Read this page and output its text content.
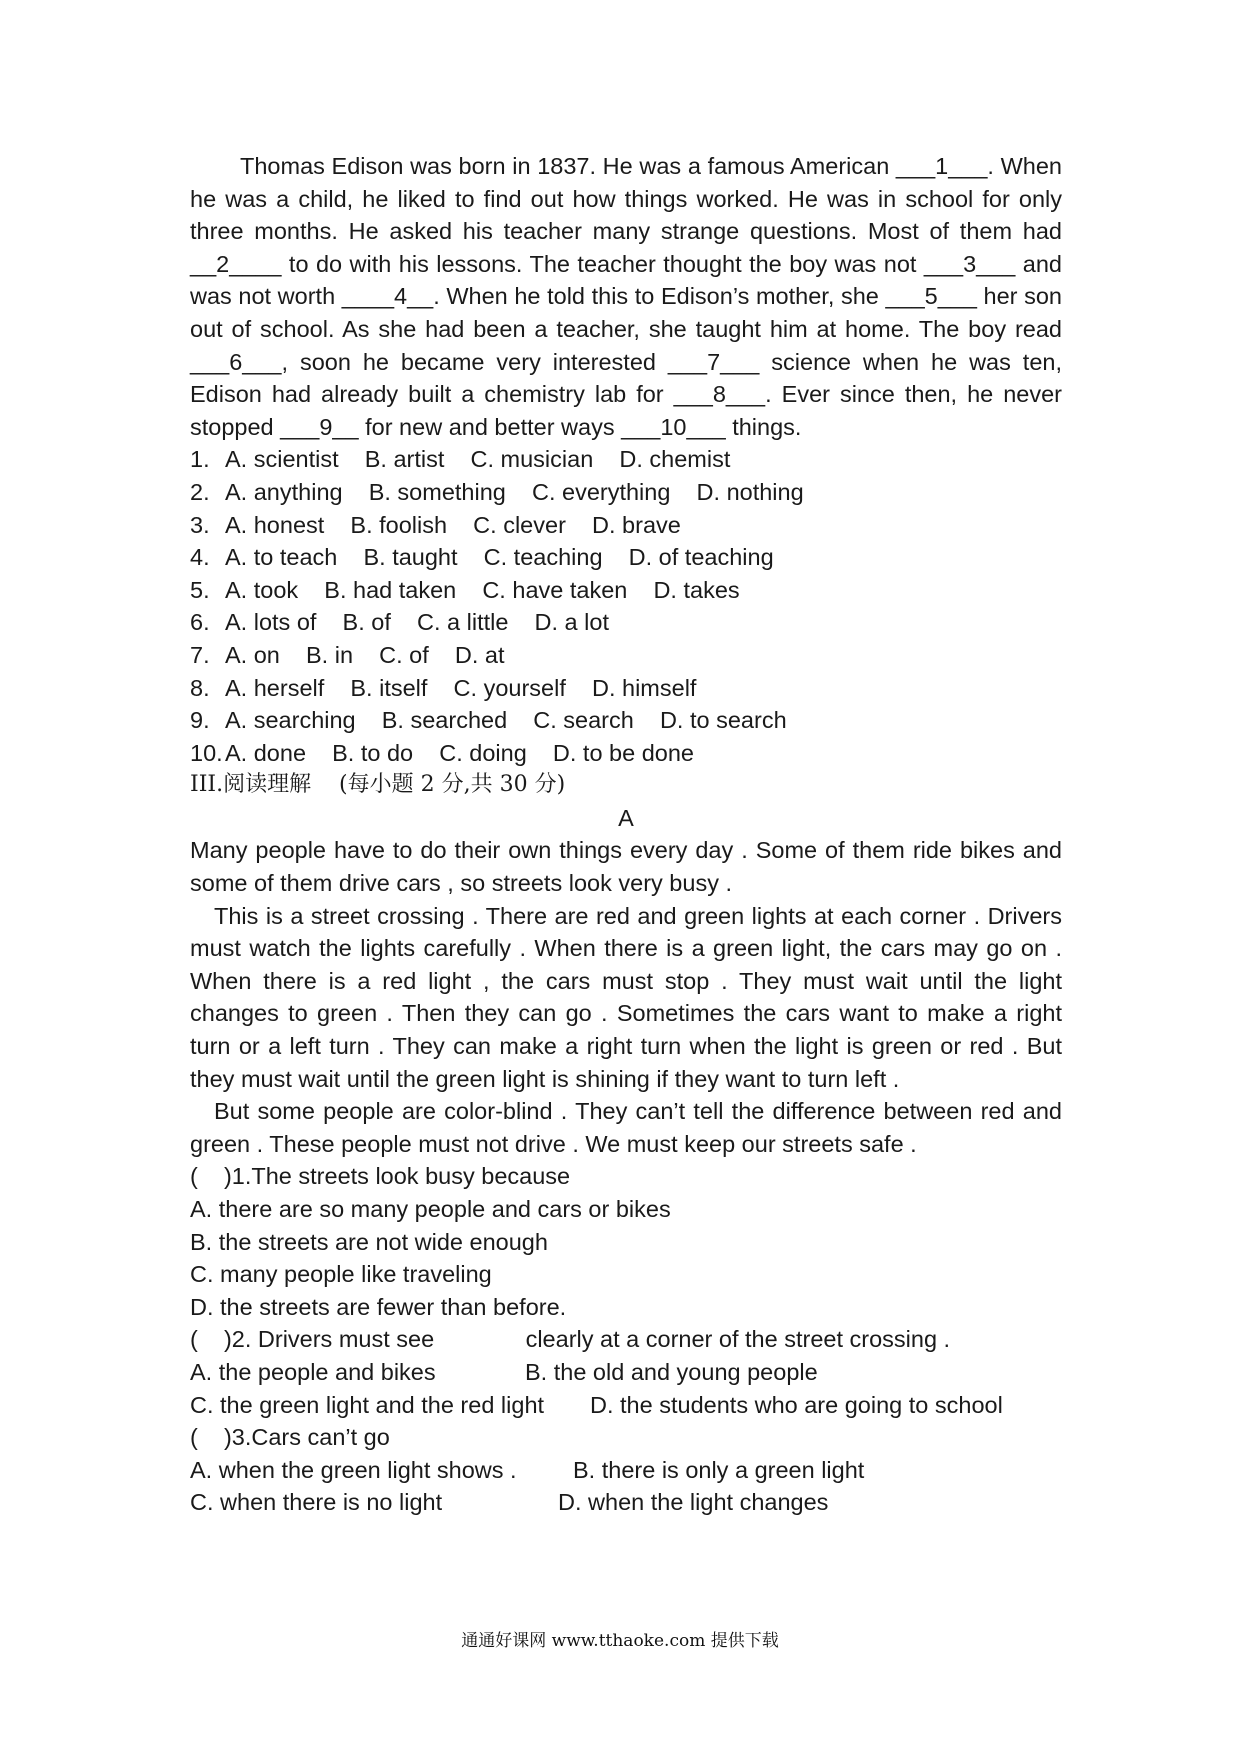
Thomas Edison was born in 1837. He was a famous American ___1___. When he was a child, he liked to find out how things worked. He was in school for only three months. He asked his teacher many strange questions. Most of them had __2____ to do with his lessons. The teacher thought the boy was not ___3___ and was not worth ____4__. When he told this to Edison’s mother, she ___5___ her son out of school. As she had been a teacher, she taught him at home. The boy read ___6___, soon he became very interested ___7___ science when he was ten, Edison had already built a chemistry lab for ___8___. Ever since then, he never stopped ___9__ for new and better ways ___10___ things.

1. A. scientist    B. artist    C. musician    D. chemist

2. A. anything    B. something    C. everything    D. nothing

3. A. honest    B. foolish    C. clever    D. brave

4. A. to teach    B. taught    C. teaching    D. of teaching

5. A. took    B. had taken    C. have taken    D. takes

6. A. lots of    B. of    C. a little    D. a lot

7. A. on    B. in    C. of    D. at

8. A. herself    B. itself    C. yourself    D. himself

9. A. searching    B. searched    C. search    D. to search

10.A. done    B. to do    C. doing    D. to be done

III.阅读理解    (每小题 2 分,共 30 分)

A

Many people have to do their own things every day . Some of them ride bikes and some of them drive cars , so streets look very busy .

This is a street crossing . There are red and green lights at each corner . Drivers must watch the lights carefully . When there is a green light, the cars may go on . When there is a red light , the cars must stop . They must wait until the light changes to green . Then they can go . Sometimes the cars want to make a right turn or a left turn . They can make a right turn when the light is green or red . But they must wait until the green light is shining if they want to turn left .

But some people are color-blind . They can’t tell the difference between red and green . These people must not drive . We must keep our streets safe .

(    )1.The streets look busy because

A. there are so many people and cars or bikes

B. the streets are not wide enough

C. many people like traveling

D. the streets are fewer than before.

(    )2. Drivers must see              clearly at a corner of the street crossing .

A. the people and bikes	B. the old and young people

C. the green light and the red light D. the students who are going to school

(    )3.Cars can’t go

A. when the green light shows . B. there is only a green light

C. when there is no light	D. when the light changes

通通好课网 www.tthaoke.com 提供下载
